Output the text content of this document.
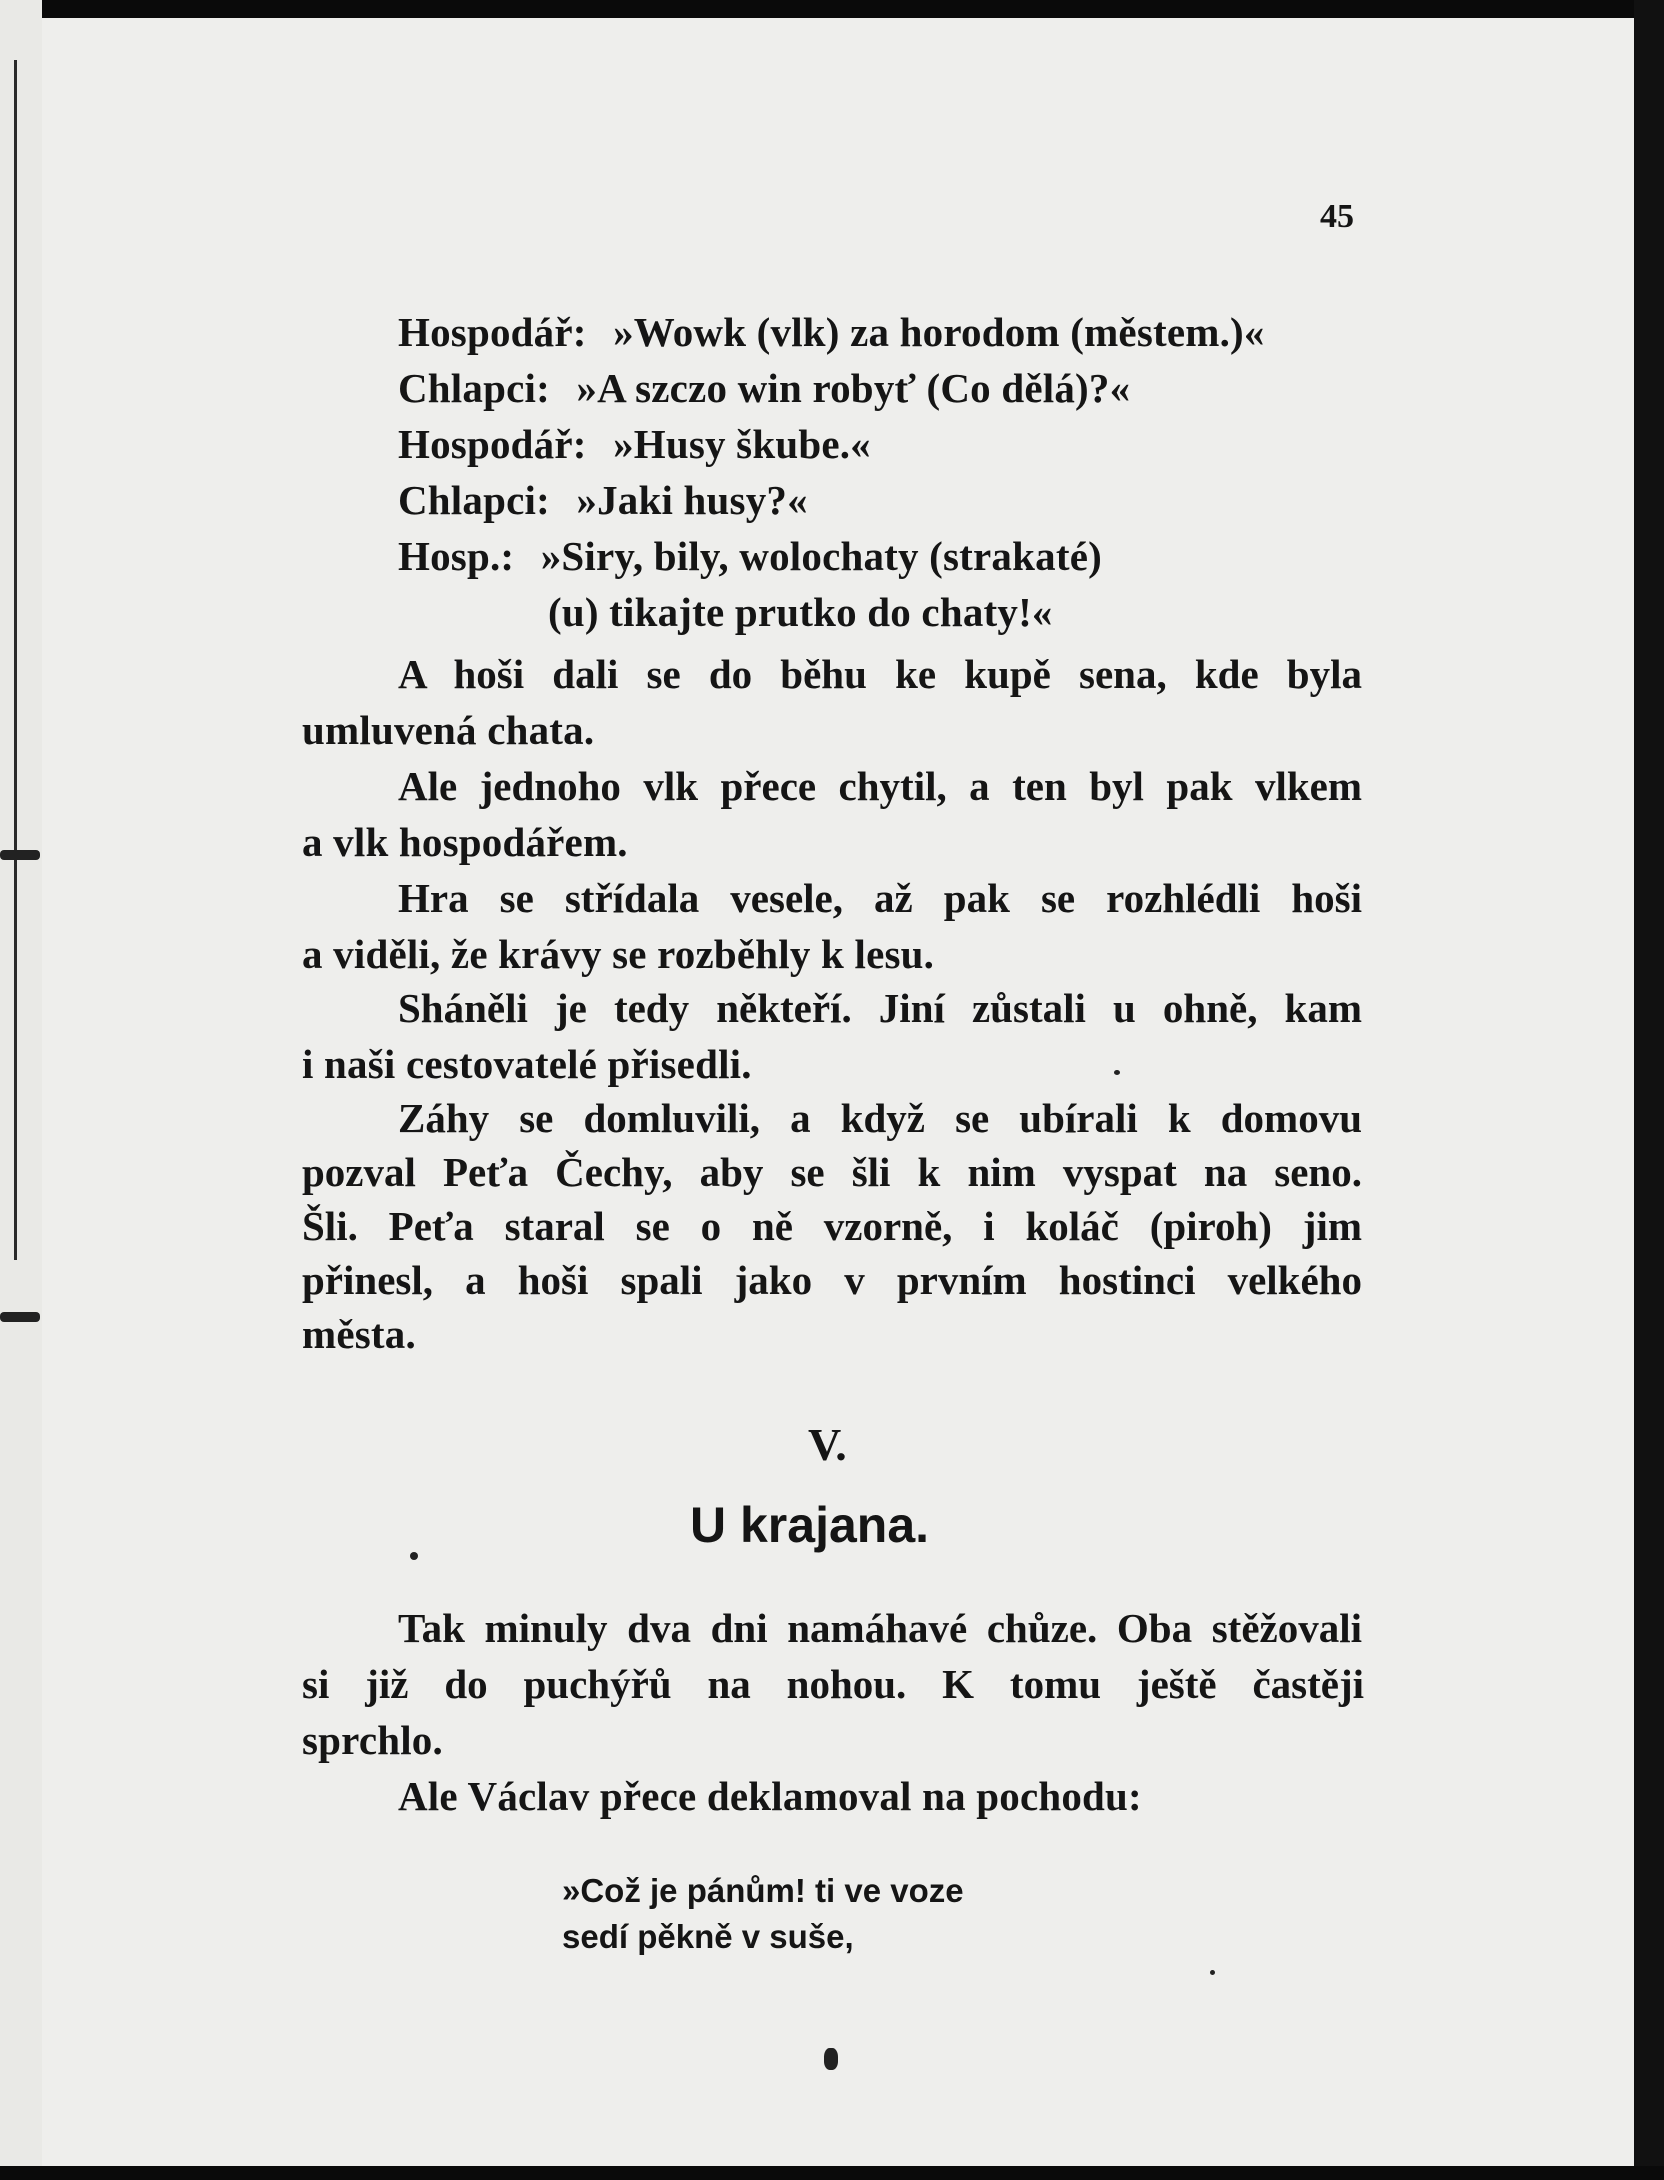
45
Hospodář: »Wowk (vlk) za horodom (městem.)«
Chlapci: »A szczo win robyť (Co dělá)?«
Hospodář: »Husy škube.«
Chlapci: »Jaki husy?«
Hosp.: »Siry, bily, wolochaty (strakaté)
(u) tikajte prutko do chaty!«
A hoši dali se do běhu ke kupě sena, kde byla
umluvená chata.
Ale jednoho vlk přece chytil, a ten byl pak vlkem
a vlk hospodářem.
Hra se střídala vesele, až pak se rozhlédli hoši
a viděli, že krávy se rozběhly k lesu.
Sháněli je tedy někteří. Jiní zůstali u ohně, kam
i naši cestovatelé přisedli.
Záhy se domluvili, a když se ubírali k domovu
pozval Peťa Čechy, aby se šli k nim vyspat na seno.
Šli. Peťa staral se o ně vzorně, i koláč (piroh) jim
přinesl, a hoši spali jako v prvním hostinci velkého
města.
V.
U krajana.
Tak minuly dva dni namáhavé chůze. Oba stěžovali
si již do puchýřů na nohou. K tomu ještě častěji
sprchlo.
Ale Václav přece deklamoval na pochodu:
»Což je pánům! ti ve voze
sedí pěkně v suše,
